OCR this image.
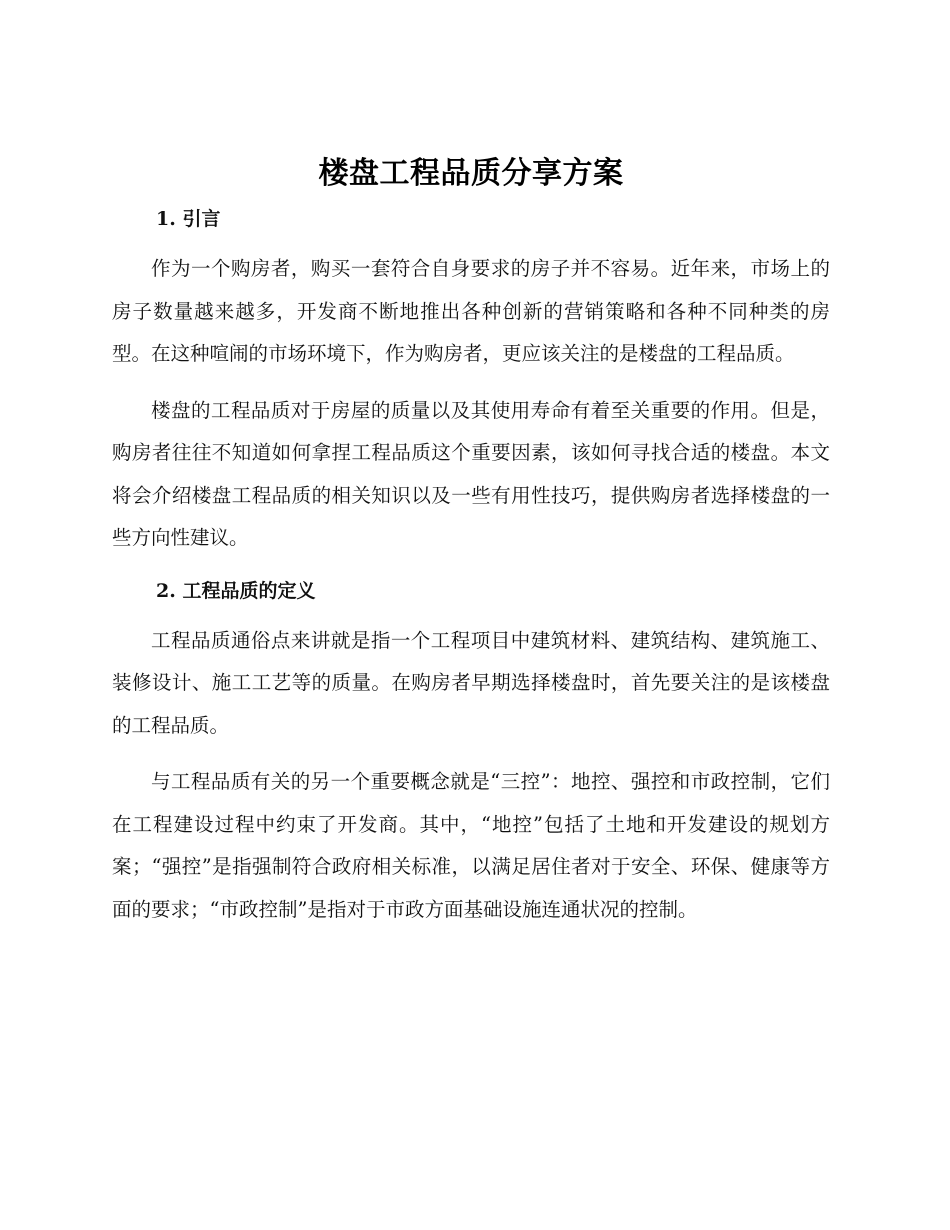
楼盘工程品质分享方案
1. 引言

作为一个购房者，购买一套符合自身要求的房子并不容易。近年来，市场上的房子数量越来越多，开发商不断地推出各种创新的营销策略和各种不同种类的房型。在这种喧闹的市场环境下，作为购房者，更应该关注的是楼盘的工程品质。

楼盘的工程品质对于房屋的质量以及其使用寿命有着至关重要的作用。但是，购房者往往不知道如何拿捏工程品质这个重要因素，该如何寻找合适的楼盘。本文将会介绍楼盘工程品质的相关知识以及一些有用性技巧，提供购房者选择楼盘的一些方向性建议。

2. 工程品质的定义

工程品质通俗点来讲就是指一个工程项目中建筑材料、建筑结构、建筑施工、装修设计、施工工艺等的质量。在购房者早期选择楼盘时，首先要关注的是该楼盘的工程品质。

与工程品质有关的另一个重要概念就是“三控”：地控、强控和市政控制，它们在工程建设过程中约束了开发商。其中，“地控”包括了土地和开发建设的规划方案；“强控”是指强制符合政府相关标准，以满足居住者对于安全、环保、健康等方面的要求；“市政控制”是指对于市政方面基础设施连通状况的控制。
